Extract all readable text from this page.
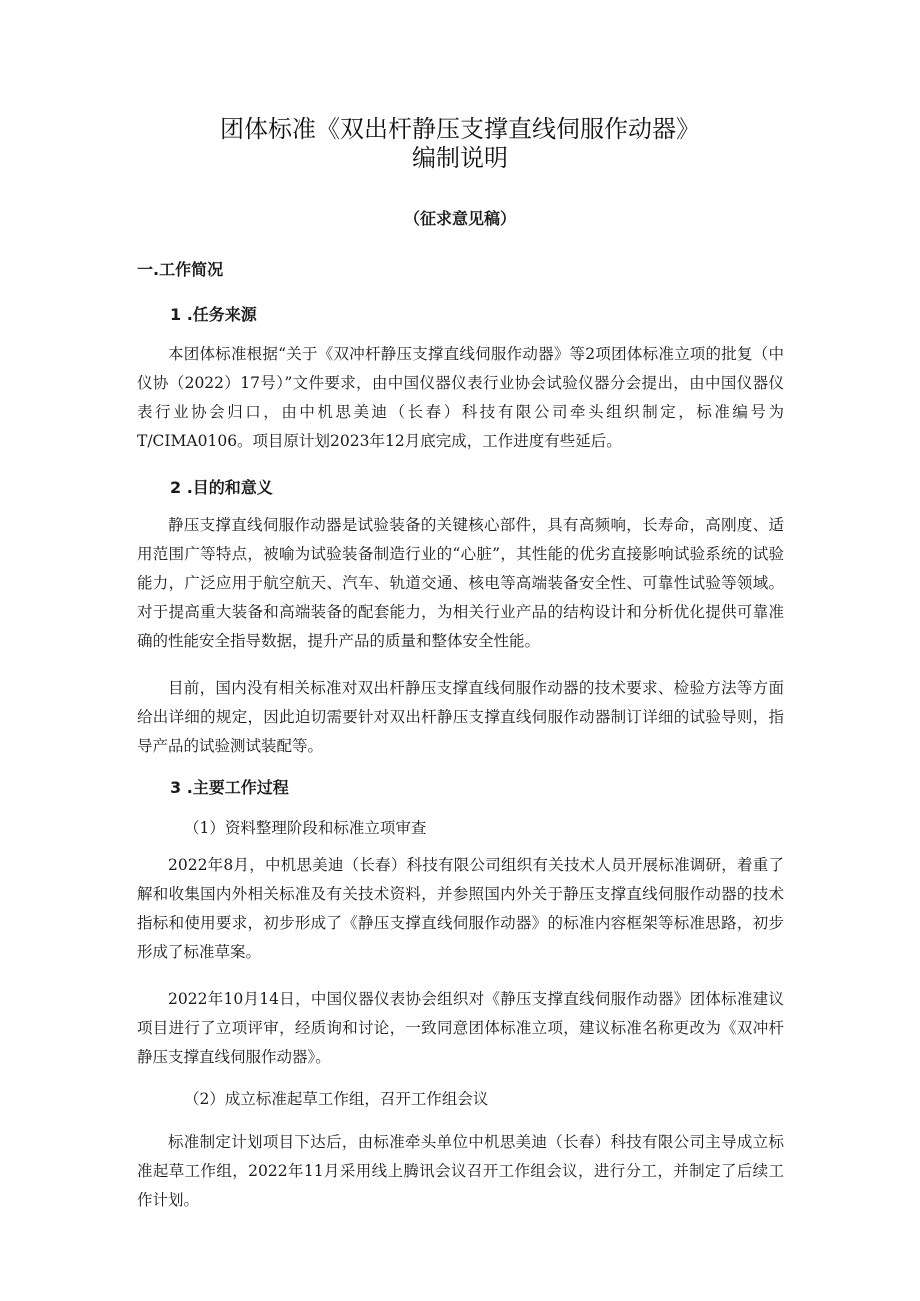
团体标准《双出杆静压支撑直线伺服作动器》
编制说明
（征求意见稿）
一.工作简况
1 .任务来源

本团体标准根据“关于《双冲杆静压支撑直线伺服作动器》等2项团体标准立项的批复（中仪协（2022）17号）”文件要求，由中国仪器仪表行业协会试验仪器分会提出，由中国仪器仪表行业协会归口，由中机思美迪（长春）科技有限公司牵头组织制定，标准编号为T/CIMA0106。项目原计划2023年12月底完成，工作进度有些延后。

2 .目的和意义

静压支撑直线伺服作动器是试验装备的关键核心部件，具有高频响，长寿命，高刚度、适用范围广等特点，被喻为试验装备制造行业的“心脏”，其性能的优劣直接影响试验系统的试验能力，广泛应用于航空航天、汽车、轨道交通、核电等高端装备安全性、可靠性试验等领域。对于提高重大装备和高端装备的配套能力，为相关行业产品的结构设计和分析优化提供可靠准确的性能安全指导数据，提升产品的质量和整体安全性能。

目前，国内没有相关标准对双出杆静压支撑直线伺服作动器的技术要求、检验方法等方面给出详细的规定，因此迫切需要针对双出杆静压支撑直线伺服作动器制订详细的试验导则，指导产品的试验测试装配等。

3 .主要工作过程
（1）资料整理阶段和标准立项审查

2022年8月，中机思美迪（长春）科技有限公司组织有关技术人员开展标准调研，着重了解和收集国内外相关标准及有关技术资料，并参照国内外关于静压支撑直线伺服作动器的技术指标和使用要求，初步形成了《静压支撑直线伺服作动器》的标准内容框架等标准思路，初步形成了标准草案。

2022年10月14日，中国仪器仪表协会组织对《静压支撑直线伺服作动器》团体标准建议项目进行了立项评审，经质询和讨论，一致同意团体标准立项，建议标准名称更改为《双冲杆静压支撑直线伺服作动器》。

（2）成立标准起草工作组，召开工作组会议

标准制定计划项目下达后，由标准牵头单位中机思美迪（长春）科技有限公司主导成立标准起草工作组，2022年11月采用线上腾讯会议召开工作组会议，进行分工，并制定了后续工作计划。
